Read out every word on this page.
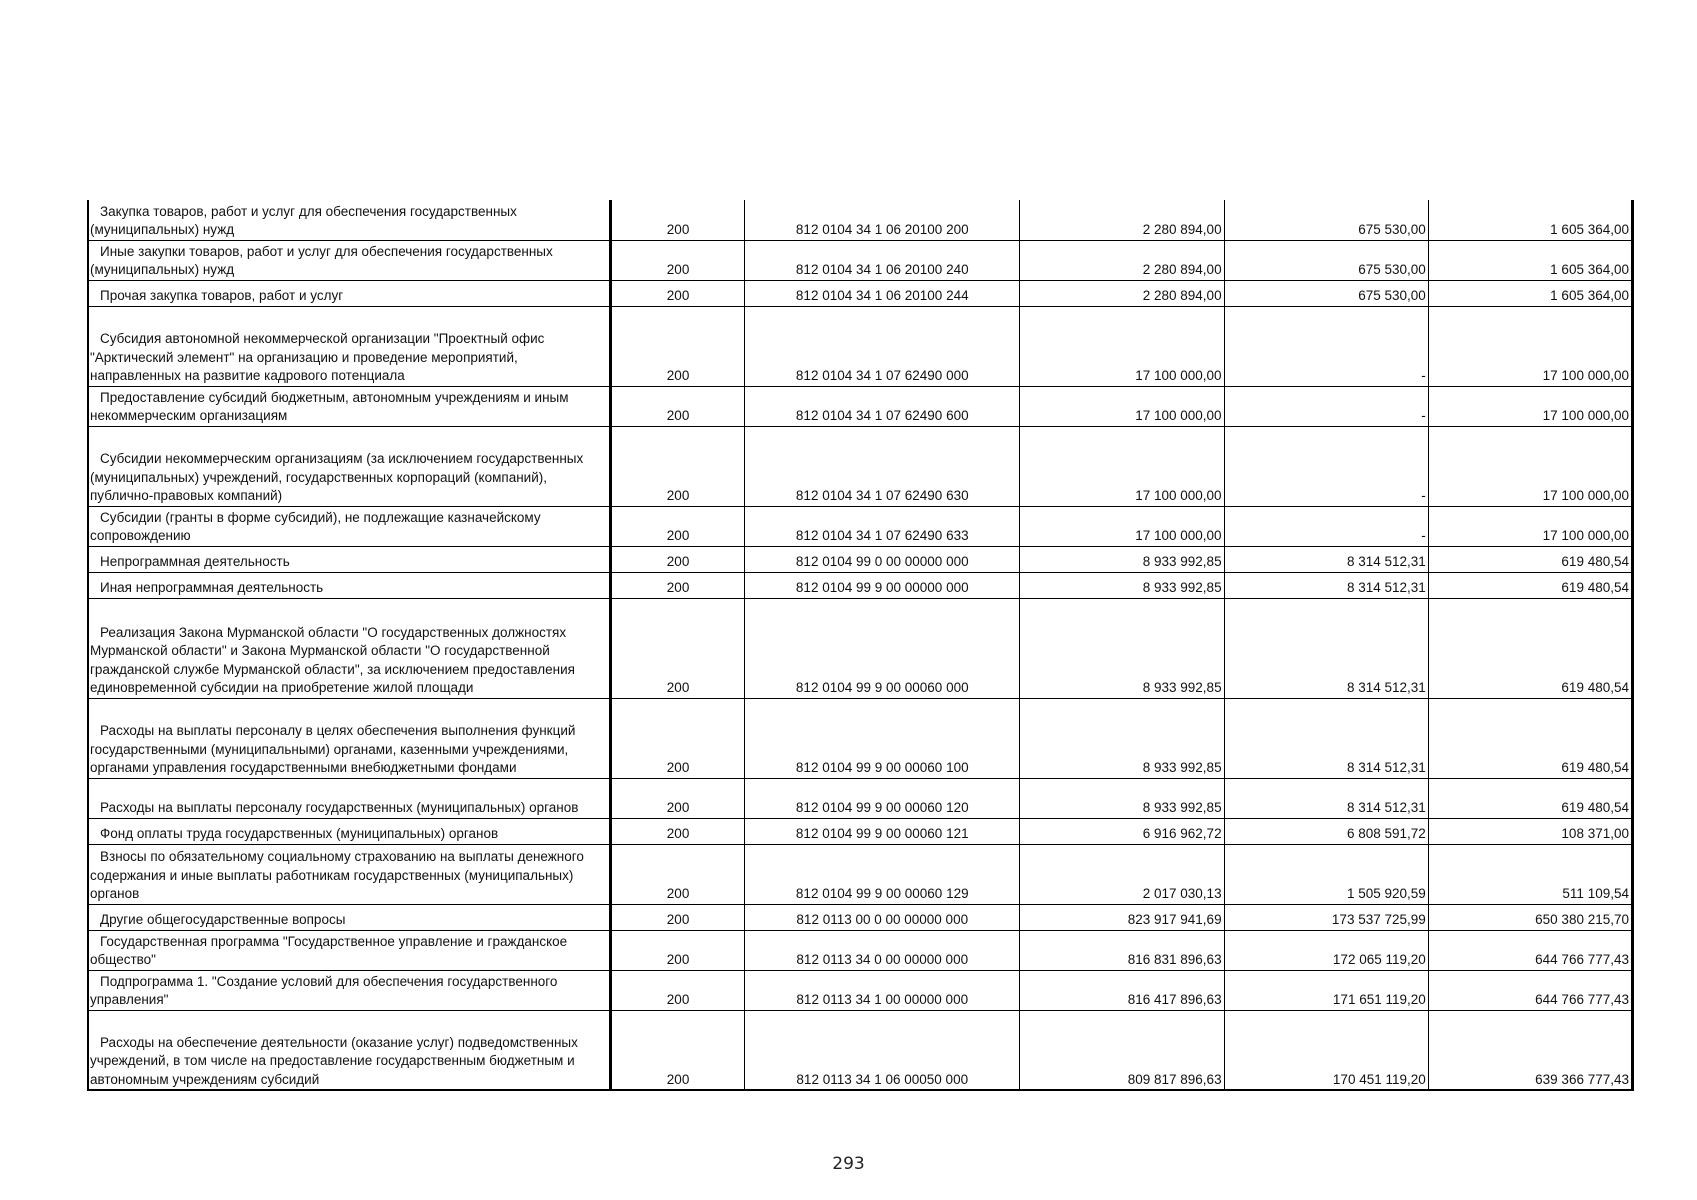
Закупка товаров, работ и услуг для обеспечения государственных (муниципальных) нужд	200	812 0104 34 1 06 20100 200	2 280 894,00	675 530,00	1 605 364,00

Иные закупки товаров, работ и услуг для обеспечения государственных (муниципальных) нужд	200	812 0104 34 1 06 20100 240	2 280 894,00	675 530,00	1 605 364,00

Прочая закупка товаров, работ и услуг	200	812 0104 34 1 06 20100 244	2 280 894,00	675 530,00	1 605 364,00

Субсидия автономной некоммерческой организации "Проектный офис "Арктический элемент" на организацию и проведение мероприятий, направленных на развитие кадрового потенциала	200	812 0104 34 1 07 62490 000	17 100 000,00	-	17 100 000,00

Предоставление субсидий бюджетным, автономным учреждениям и иным некоммерческим организациям	200	812 0104 34 1 07 62490 600	17 100 000,00	-	17 100 000,00

Субсидии некоммерческим организациям (за исключением государственных (муниципальных) учреждений, государственных корпораций (компаний), публично-правовых компаний)	200	812 0104 34 1 07 62490 630	17 100 000,00	-	17 100 000,00

Субсидии (гранты в форме субсидий), не подлежащие казначейскому сопровождению	200	812 0104 34 1 07 62490 633	17 100 000,00	-	17 100 000,00

Непрограммная деятельность	200	812 0104 99 0 00 00000 000	8 933 992,85	8 314 512,31	619 480,54

Иная непрограммная деятельность	200	812 0104 99 9 00 00000 000	8 933 992,85	8 314 512,31	619 480,54

Реализация Закона Мурманской области "О государственных должностях Мурманской области" и Закона Мурманской области "О государственной гражданской службе Мурманской области", за исключением предоставления единовременной субсидии на приобретение жилой площади	200	812 0104 99 9 00 00060 000	8 933 992,85	8 314 512,31	619 480,54

Расходы на выплаты персоналу в целях обеспечения выполнения функций государственными (муниципальными) органами, казенными учреждениями, органами управления государственными внебюджетными фондами	200	812 0104 99 9 00 00060 100	8 933 992,85	8 314 512,31	619 480,54

Расходы на выплаты персоналу государственных (муниципальных) органов	200	812 0104 99 9 00 00060 120	8 933 992,85	8 314 512,31	619 480,54

Фонд оплаты труда государственных (муниципальных) органов	200	812 0104 99 9 00 00060 121	6 916 962,72	6 808 591,72	108 371,00

Взносы по обязательному социальному страхованию на выплаты денежного содержания и иные выплаты работникам государственных (муниципальных) органов	200	812 0104 99 9 00 00060 129	2 017 030,13	1 505 920,59	511 109,54

Другие общегосударственные вопросы	200	812 0113 00 0 00 00000 000	823 917 941,69	173 537 725,99	650 380 215,70

Государственная программа "Государственное управление и гражданское общество"	200	812 0113 34 0 00 00000 000	816 831 896,63	172 065 119,20	644 766 777,43

Подпрограмма 1. "Создание условий для обеспечения государственного управления"	200	812 0113 34 1 00 00000 000	816 417 896,63	171 651 119,20	644 766 777,43

Расходы на обеспечение деятельности (оказание услуг) подведомственных учреждений, в том числе на предоставление государственным бюджетным и автономным учреждениям субсидий	200	812 0113 34 1 06 00050 000	809 817 896,63	170 451 119,20	639 366 777,43
293
